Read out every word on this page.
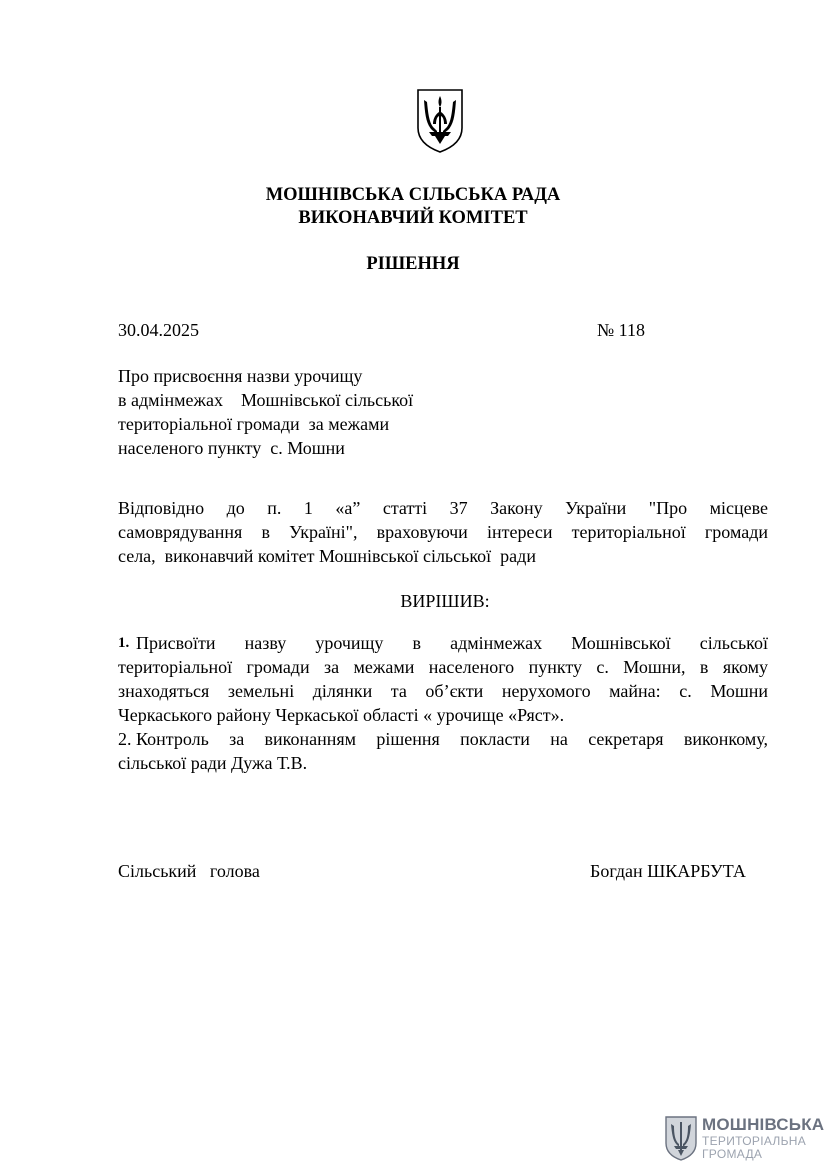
МОШНІВСЬКА СІЛЬСЬКА РАДА
ВИКОНАВЧИЙ КОМІТЕТ
РІШЕННЯ
30.04.2025	№ 118
Про присвоєння назви урочищу
в адмінмежах    Мошнівської сільської
територіальної громади  за межами
населеного пункту  с. Мошни
Відповідно до п. 1 «а” статті 37 Закону України "Про місцеве
самоврядування в Україні", враховуючи інтереси територіальної громади
села,  виконавчий комітет Мошнівської сільської  ради
ВИРІШИВ:
1. Присвоїти назву урочищу в адмінмежах Мошнівської сільської
територіальної громади за межами населеного пункту с. Мошни, в якому
знаходяться земельні ділянки та об’єкти нерухомого майна: с. Мошни
Черкаського району Черкаської області « урочище «Ряст».
2. Контроль за виконанням рішення покласти на секретаря виконкому,
сільської ради Дужа Т.В.
Сільський   голова	Богдан ШКАРБУТА
МОШНІВСЬКА
ТЕРИТОРІАЛЬНА
ГРОМАДА
